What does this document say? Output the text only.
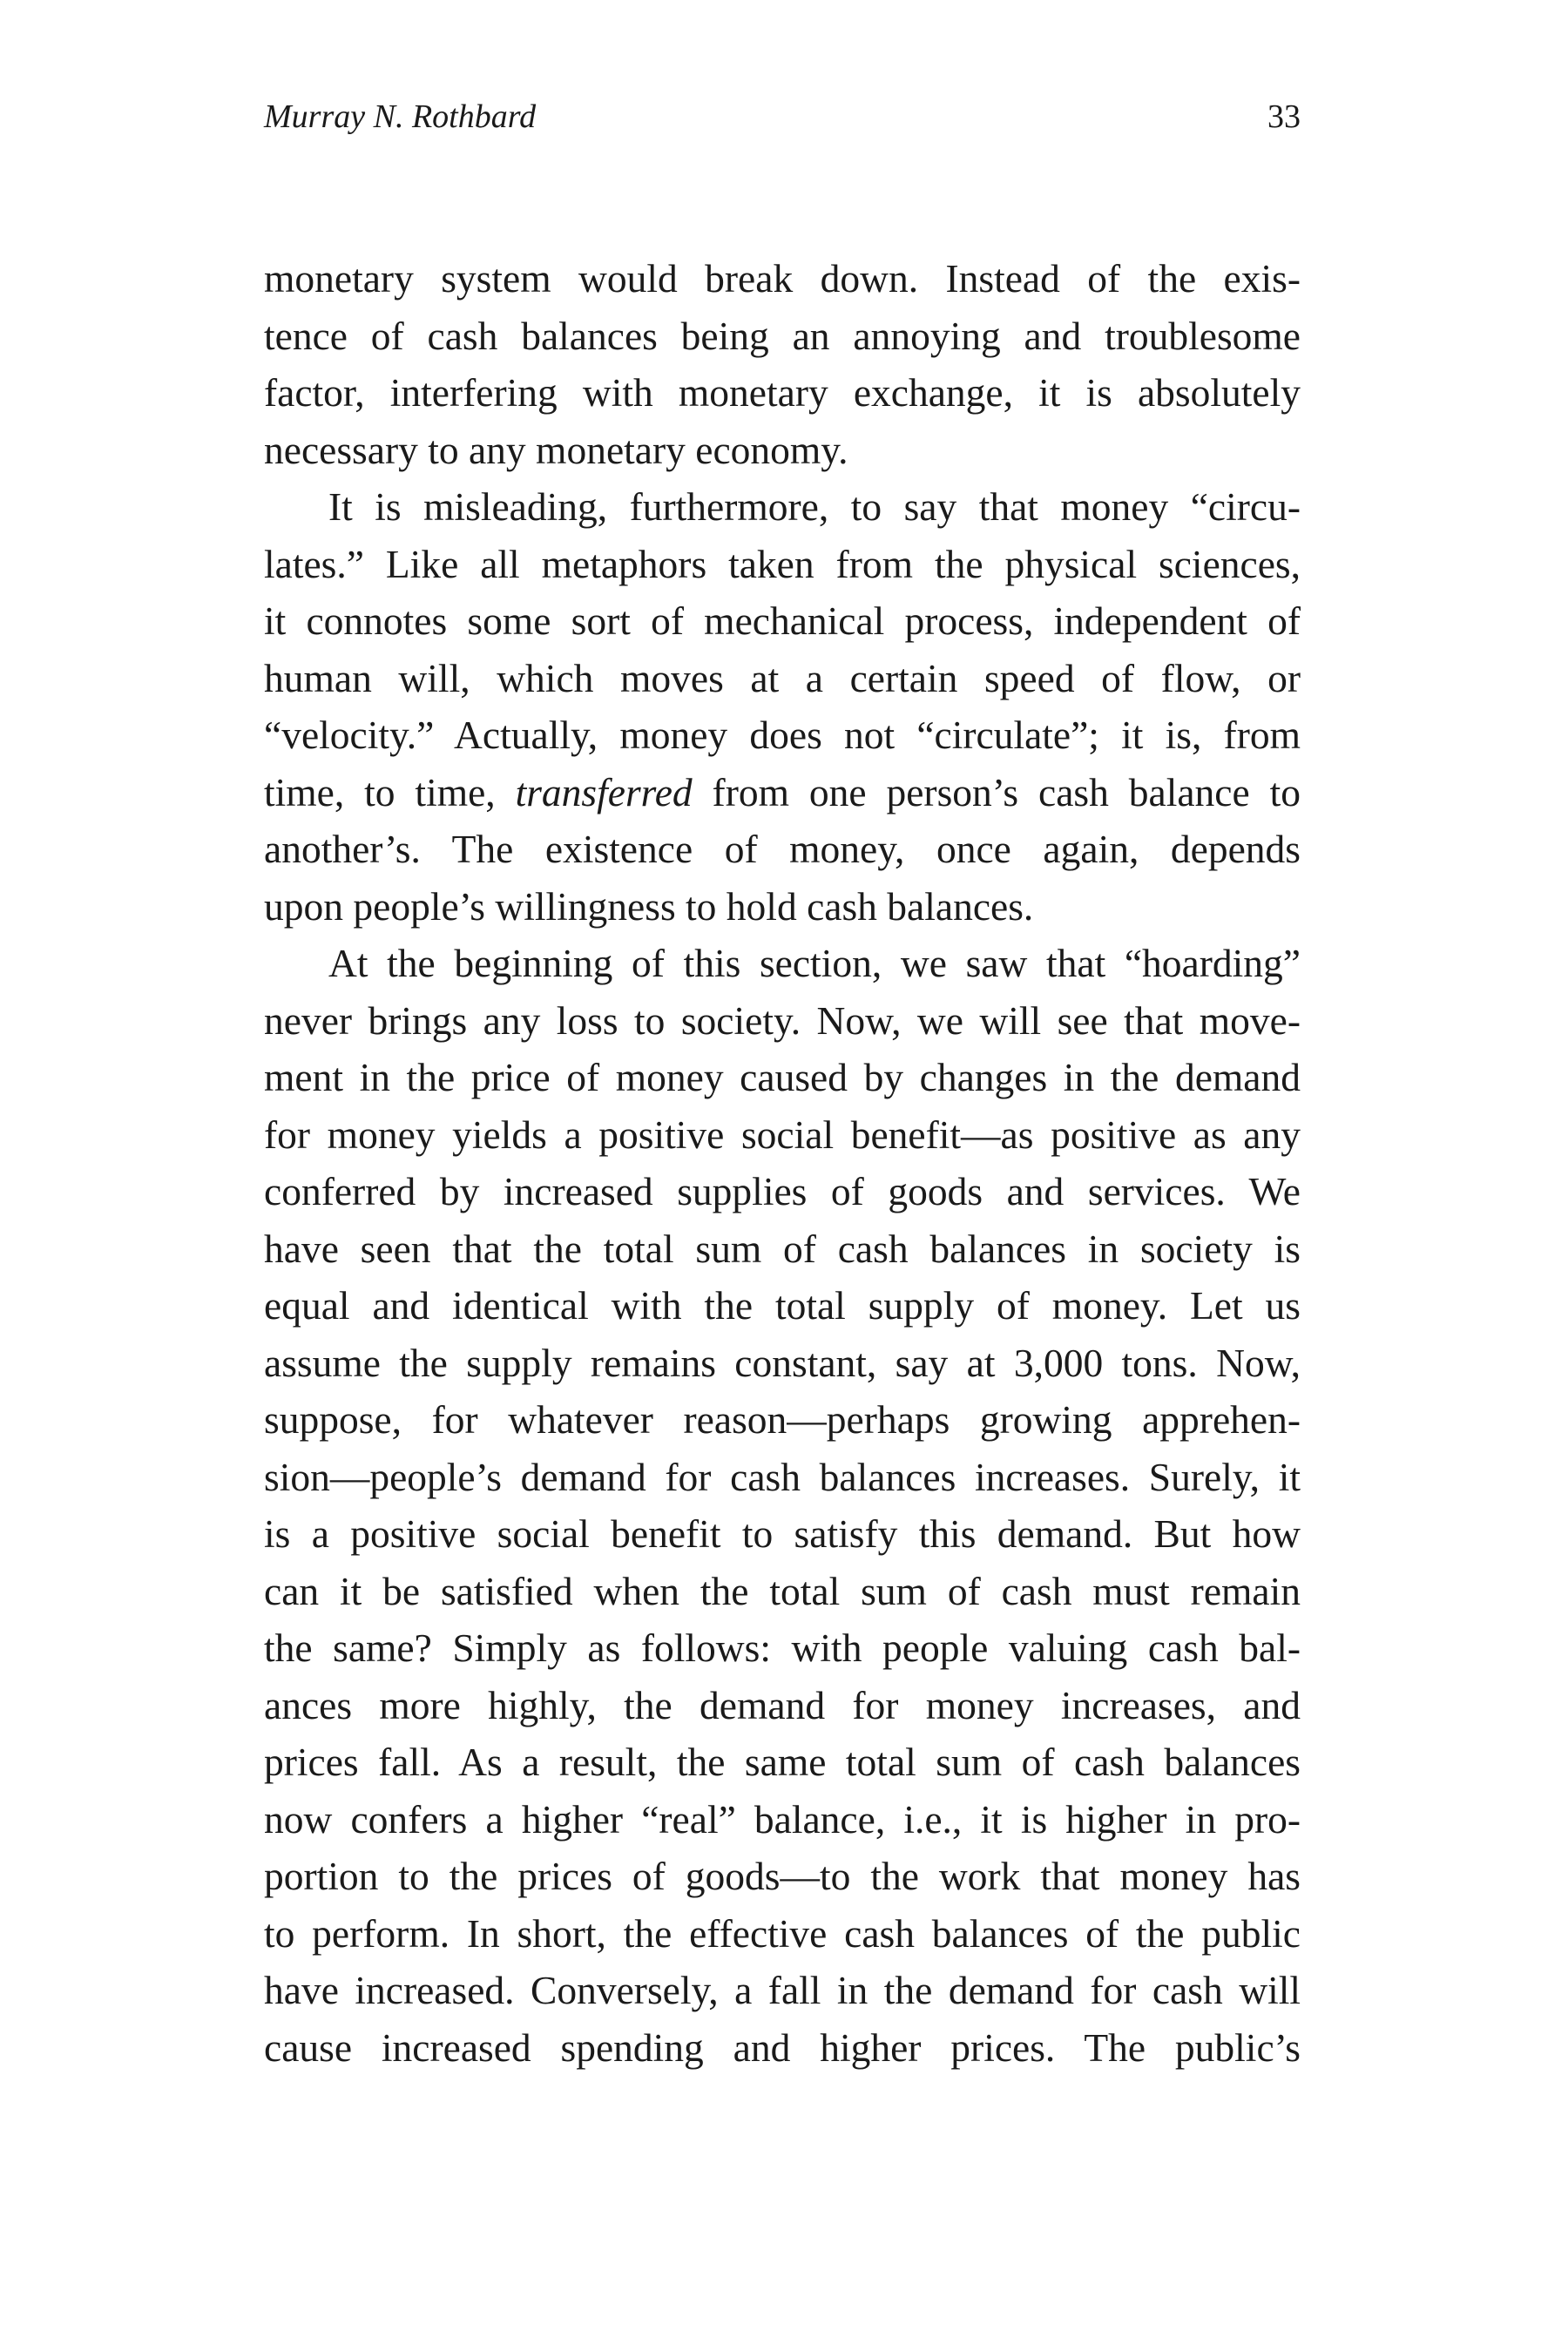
Murray N. Rothbard	33
monetary system would break down. Instead of the exis-
tence of cash balances being an annoying and troublesome
factor, interfering with monetary exchange, it is absolutely
necessary to any monetary economy.
It is misleading, furthermore, to say that money “circu-
lates.” Like all metaphors taken from the physical sciences,
it connotes some sort of mechanical process, independent of
human will, which moves at a certain speed of flow, or
“velocity.” Actually, money does not “circulate”; it is, from
time, to time, transferred from one person’s cash balance to
another’s. The existence of money, once again, depends
upon people’s willingness to hold cash balances.
At the beginning of this section, we saw that “hoarding”
never brings any loss to society. Now, we will see that move-
ment in the price of money caused by changes in the demand
for money yields a positive social benefit—as positive as any
conferred by increased supplies of goods and services. We
have seen that the total sum of cash balances in society is
equal and identical with the total supply of money. Let us
assume the supply remains constant, say at 3,000 tons. Now,
suppose, for whatever reason—perhaps growing apprehen-
sion—people’s demand for cash balances increases. Surely, it
is a positive social benefit to satisfy this demand. But how
can it be satisfied when the total sum of cash must remain
the same? Simply as follows: with people valuing cash bal-
ances more highly, the demand for money increases, and
prices fall. As a result, the same total sum of cash balances
now confers a higher “real” balance, i.e., it is higher in pro-
portion to the prices of goods—to the work that money has
to perform. In short, the effective cash balances of the public
have increased. Conversely, a fall in the demand for cash will
cause increased spending and higher prices. The public’s
